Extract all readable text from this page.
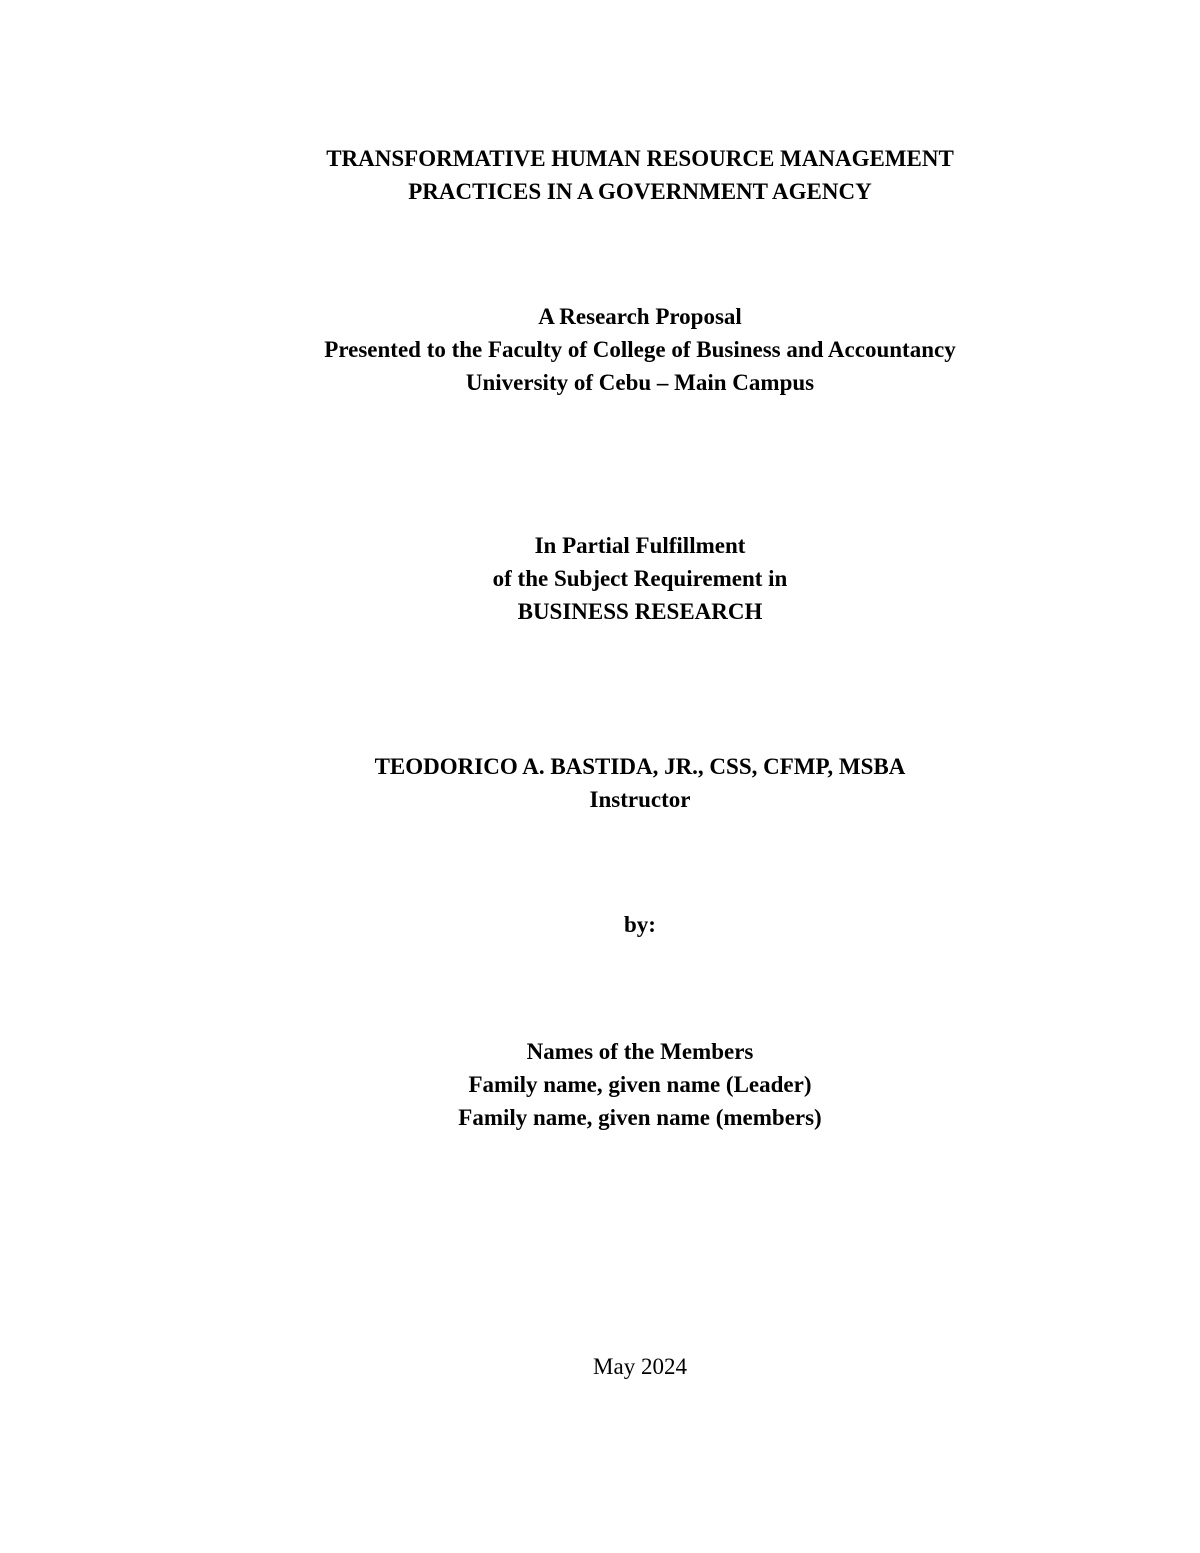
TRANSFORMATIVE HUMAN RESOURCE MANAGEMENT
PRACTICES IN A GOVERNMENT AGENCY
A Research Proposal
Presented to the Faculty of College of Business and Accountancy
University of Cebu – Main Campus
In Partial Fulfillment
of the Subject Requirement in
BUSINESS RESEARCH
TEODORICO A. BASTIDA, JR., CSS, CFMP, MSBA
Instructor
by:
Names of the Members
Family name, given name (Leader)
Family name, given name (members)
May 2024
